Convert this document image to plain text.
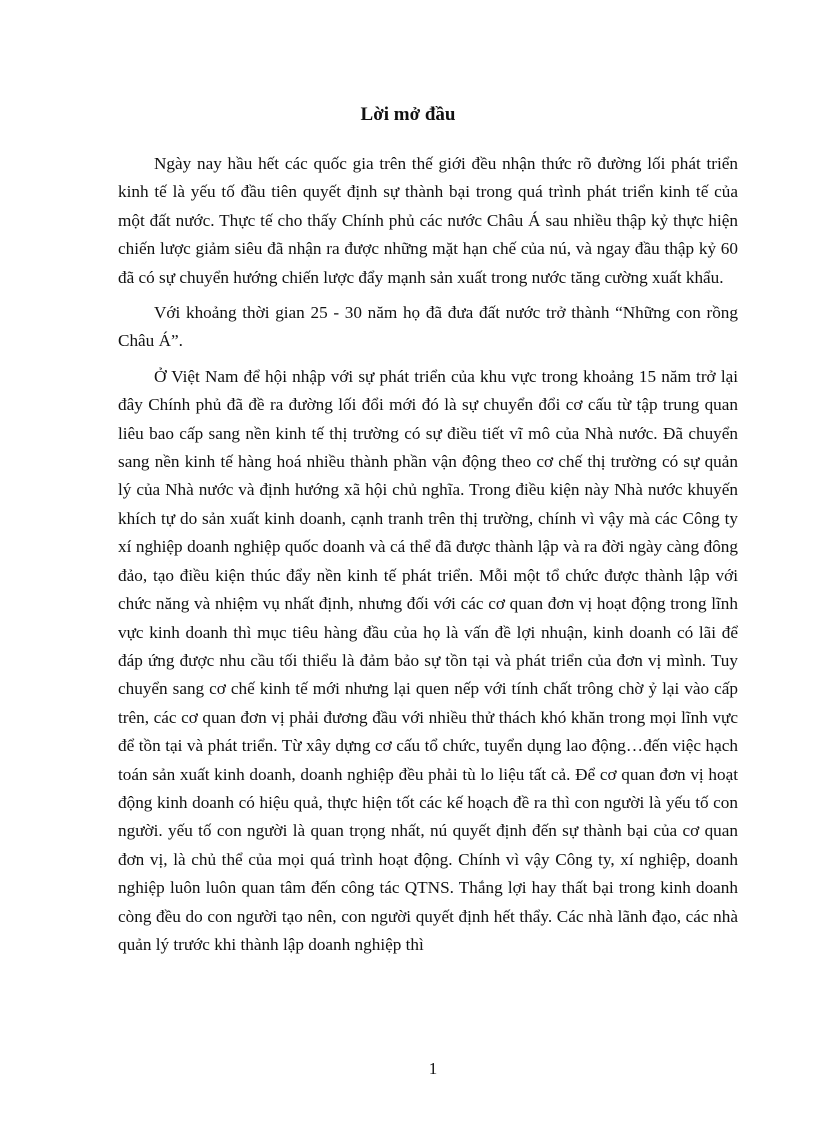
Lời mở đầu

Ngày nay hầu hết các quốc gia trên thế giới đều nhận thức rõ đường lối phát triển kinh tế là yếu tố đầu tiên quyết định sự thành bại trong quá trình phát triển kinh tế của một đất nước. Thực tế cho thấy Chính phủ các nước Châu Á sau nhiều thập kỷ thực hiện chiến lược giảm siêu đã nhận ra được những mặt hạn chế của nú, và ngay đầu thập kỷ 60 đã có sự chuyển hướng chiến lược đẩy mạnh sản xuất trong nước tăng cường xuất khẩu.

Với khoảng thời gian 25 - 30 năm họ đã đưa đất nước trở thành “Những con rồng Châu Á”.

Ở Việt Nam để hội nhập với sự phát triển của khu vực trong khoảng 15 năm trở lại đây Chính phủ đã đề ra đường lối đổi mới đó là sự chuyển đổi cơ cấu từ tập trung quan liêu bao cấp sang nền kinh tế thị trường có sự điều tiết vĩ mô của Nhà nước. Đã chuyển sang nền kinh tế hàng hoá nhiều thành phần vận động theo cơ chế thị trường có sự quản lý của Nhà nước và định hướng xã hội chủ nghĩa. Trong điều kiện này Nhà nước khuyến khích tự do sản xuất kinh doanh, cạnh tranh trên thị trường, chính vì vậy mà các Công ty xí nghiệp doanh nghiệp quốc doanh và cá thể đã được thành lập và ra đời ngày càng đông đảo, tạo điều kiện thúc đẩy nền kinh tế phát triển. Mỗi một tổ chức được thành lập với chức năng và nhiệm vụ nhất định, nhưng đối với các cơ quan đơn vị hoạt động trong lĩnh vực kinh doanh thì mục tiêu hàng đầu của họ là vấn đề lợi nhuận, kinh doanh có lãi để đáp ứng được nhu cầu tối thiểu là đảm bảo sự tồn tại và phát triển của đơn vị mình. Tuy chuyển sang cơ chế kinh tế mới nhưng lại quen nếp với tính chất trông chờ ỷ lại vào cấp trên, các cơ quan đơn vị phải đương đầu với nhiều thử thách khó khăn trong mọi lĩnh vực để tồn tại và phát triển. Từ xây dựng cơ cấu tổ chức, tuyển dụng lao động…đến việc hạch toán sản xuất kinh doanh, doanh nghiệp đều phải tù lo liệu tất cả. Để cơ quan đơn vị hoạt động kinh doanh có hiệu quả, thực hiện tốt các kế hoạch đề ra thì con người là yếu tố con người. yếu tố con người là quan trọng nhất, nú quyết định đến sự thành bại của cơ quan đơn vị, là chủ thể của mọi quá trình hoạt động. Chính vì vậy Công ty, xí nghiệp, doanh nghiệp luôn luôn quan tâm đến công tác QTNS. Thắng lợi hay thất bại trong kinh doanh còng đều do con người tạo nên, con người quyết định hết thẩy. Các nhà lãnh đạo, các nhà quản lý trước khi thành lập doanh nghiệp thì

1
